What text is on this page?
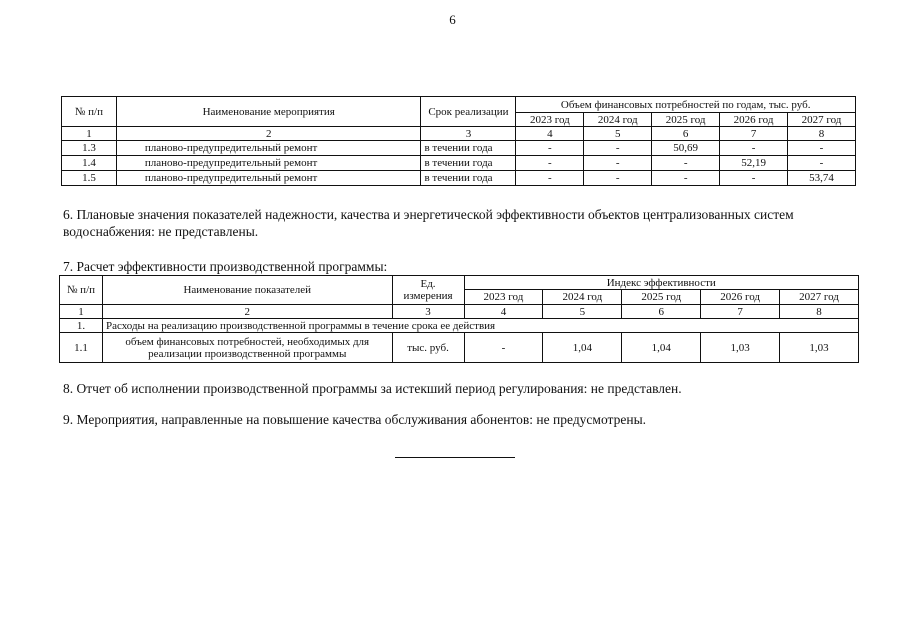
6
№ п/п	Наименование мероприятия	Срок реализации	Объем финансовых потребностей по годам, тыс. руб.				
			2023 год	2024 год	2025 год	2026 год	2027 год
1	2	3	4	5	6	7	8
1.3	планово-предупредительный ремонт	в течении года	-	-	50,69	-	-
1.4	планово-предупредительный ремонт	в течении года	-	-	-	52,19	-
1.5	планово-предупредительный ремонт	в течении года	-	-	-	-	53,74
6. Плановые значения показателей надежности, качества и энергетической эффективности объектов централизованных систем водоснабжения: не представлены.
7. Расчет эффективности производственной программы:
№ п/п	Наименование показателей	Ед. измерения	Индекс эффективности				
			2023 год	2024 год	2025 год	2026 год	2027 год
1	2	3	4	5	6	7	8
1.	Расходы на реализацию производственной программы в течение срока ее действия						
1.1	объем финансовых потребностей, необходимых для реализации производственной программы	тыс. руб.	-	1,04	1,04	1,03	1,03
8. Отчет об исполнении производственной программы за истекший период регулирования: не представлен.
9. Мероприятия, направленные на повышение качества обслуживания абонентов: не предусмотрены.
